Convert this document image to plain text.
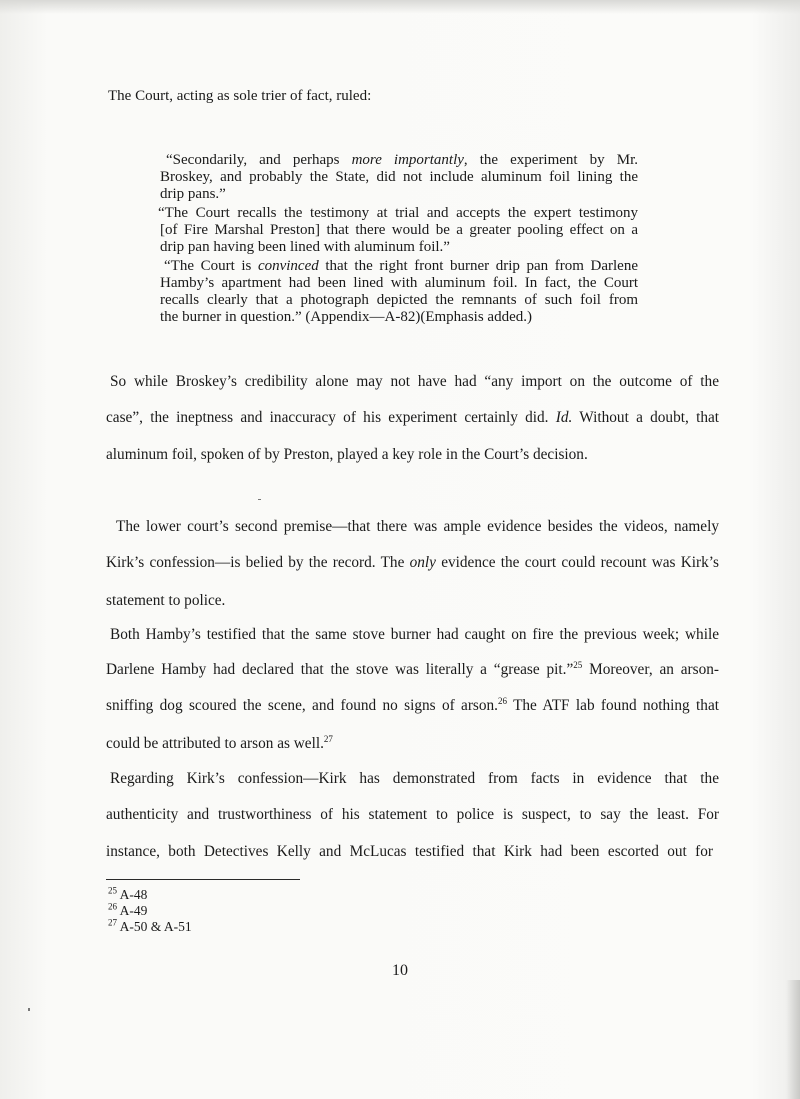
The Court, acting as sole trier of fact, ruled:
“Secondarily, and perhaps more importantly, the experiment by Mr.
Broskey, and probably the State, did not include aluminum foil lining the
drip pans.”
“The Court recalls the testimony at trial and accepts the expert testimony
[of Fire Marshal Preston] that there would be a greater pooling effect on a
drip pan having been lined with aluminum foil.”
“The Court is convinced that the right front burner drip pan from Darlene
Hamby’s apartment had been lined with aluminum foil. In fact, the Court
recalls clearly that a photograph depicted the remnants of such foil from
the burner in question.” (Appendix—A-82)(Emphasis added.)
So while Broskey’s credibility alone may not have had “any import on the outcome of the
case”, the ineptness and inaccuracy of his experiment certainly did. Id. Without a doubt, that
aluminum foil, spoken of by Preston, played a key role in the Court’s decision.
The lower court’s second premise—that there was ample evidence besides the videos, namely
Kirk’s confession—is belied by the record. The only evidence the court could recount was Kirk’s
statement to police.
Both Hamby’s testified that the same stove burner had caught on fire the previous week; while
Darlene Hamby had declared that the stove was literally a “grease pit.”$^{25}$ Moreover, an arson-
sniffing dog scoured the scene, and found no signs of arson.$^{26}$ The ATF lab found nothing that
could be attributed to arson as well.$^{27}$
Regarding Kirk’s confession—Kirk has demonstrated from facts in evidence that the
authenticity and trustworthiness of his statement to police is suspect, to say the least. For
instance, both Detectives Kelly and McLucas testified that Kirk had been escorted out for
$^{25}$ A-48
$^{26}$ A-49
$^{27}$ A-50 & A-51
10
